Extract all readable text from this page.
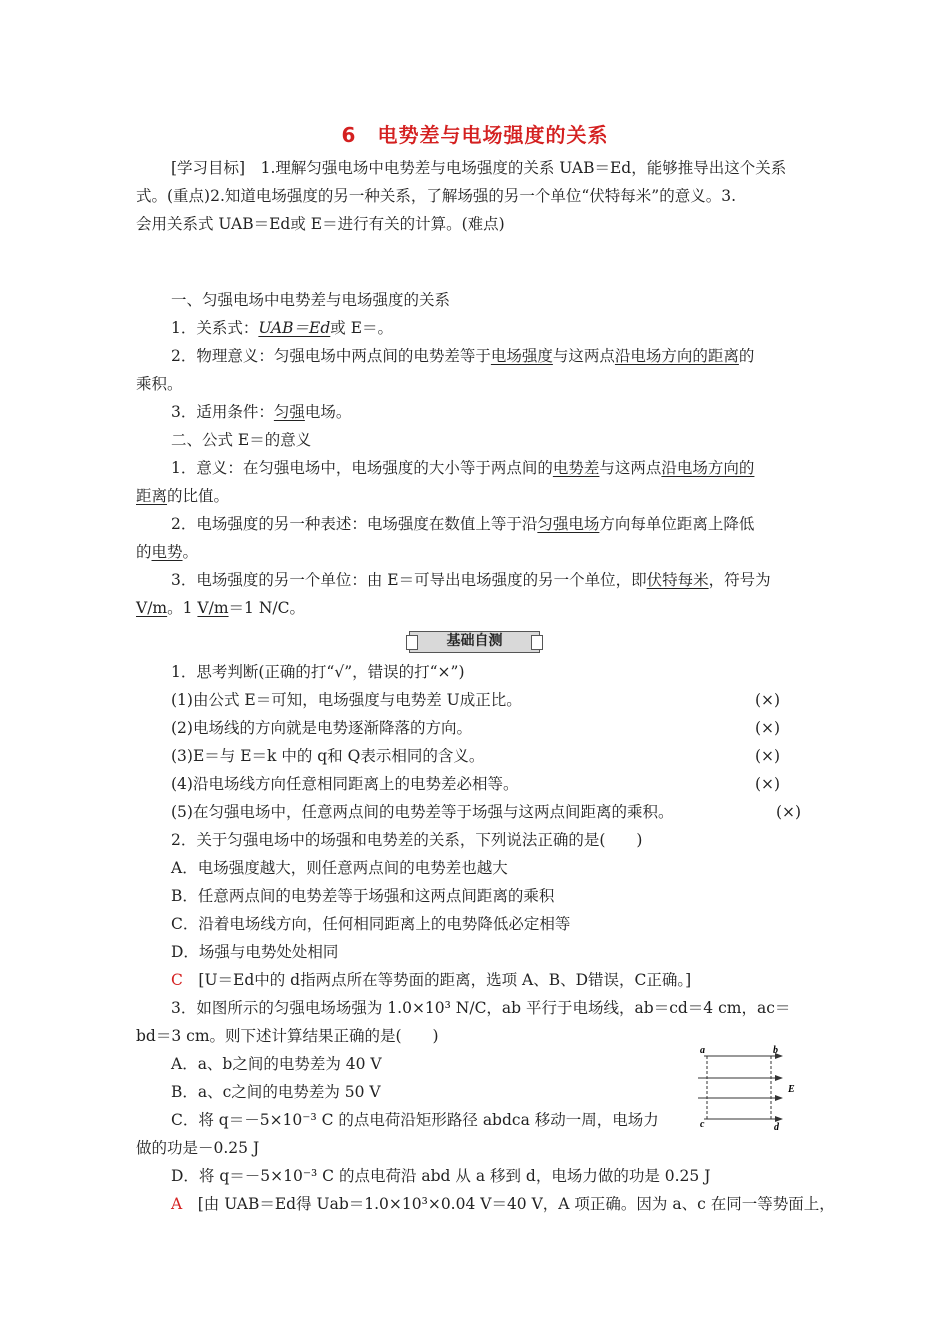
6　电势差与电场强度的关系
[学习目标]　1.理解匀强电场中电势差与电场强度的关系 UAB＝Ed，能够推导出这个关系
式。(重点)2.知道电场强度的另一种关系，了解场强的另一个单位“伏特每米”的意义。3.
会用关系式 UAB＝Ed或 E＝进行有关的计算。(难点)
一、匀强电场中电势差与电场强度的关系
1．关系式：UAB＝Ed或 E＝。
2．物理意义：匀强电场中两点间的电势差等于电场强度与这两点沿电场方向的距离的
乘积。
3．适用条件：匀强电场。
二、公式 E＝的意义
1．意义：在匀强电场中，电场强度的大小等于两点间的电势差与这两点沿电场方向的
距离的比值。
2．电场强度的另一种表述：电场强度在数值上等于沿匀强电场方向每单位距离上降低
的电势。
3．电场强度的另一个单位：由 E＝可导出电场强度的另一个单位，即伏特每米，符号为
V/m。1 V/m＝1 N/C。
基础自测
1．思考判断(正确的打“√”，错误的打“×”)
(1)由公式 E＝可知，电场强度与电势差 U成正比。	(×)
(2)电场线的方向就是电势逐渐降落的方向。	(×)
(3)E＝与 E＝k 中的 q和 Q表示相同的含义。	(×)
(4)沿电场线方向任意相同距离上的电势差必相等。	(×)
(5)在匀强电场中，任意两点间的电势差等于场强与这两点间距离的乘积。	(×)
2．关于匀强电场中的场强和电势差的关系，下列说法正确的是(　　)
A．电场强度越大，则任意两点间的电势差也越大
B．任意两点间的电势差等于场强和这两点间距离的乘积
C．沿着电场线方向，任何相同距离上的电势降低必定相等
D．场强与电势处处相同
C　 [U＝Ed中的 d指两点所在等势面的距离，选项 A、B、D错误，C正确。]
3．如图所示的匀强电场场强为 1.0×10³ N/C，ab 平行于电场线，ab＝cd＝4 cm，ac＝
bd＝3 cm。则下述计算结果正确的是(　　)
A．a、b之间的电势差为 40 V
B．a、c之间的电势差为 50 V
C．将 q＝－5×10⁻³ C 的点电荷沿矩形路径 abdca 移动一周，电场力
做的功是－0.25 J
D．将 q＝－5×10⁻³ C 的点电荷沿 abd 从 a 移到 d，电场力做的功是 0.25 J
A　 [由 UAB＝Ed得 Uab＝1.0×10³×0.04 V＝40 V，A 项正确。因为 a、c 在同一等势面上，
a	b
c	d
E
